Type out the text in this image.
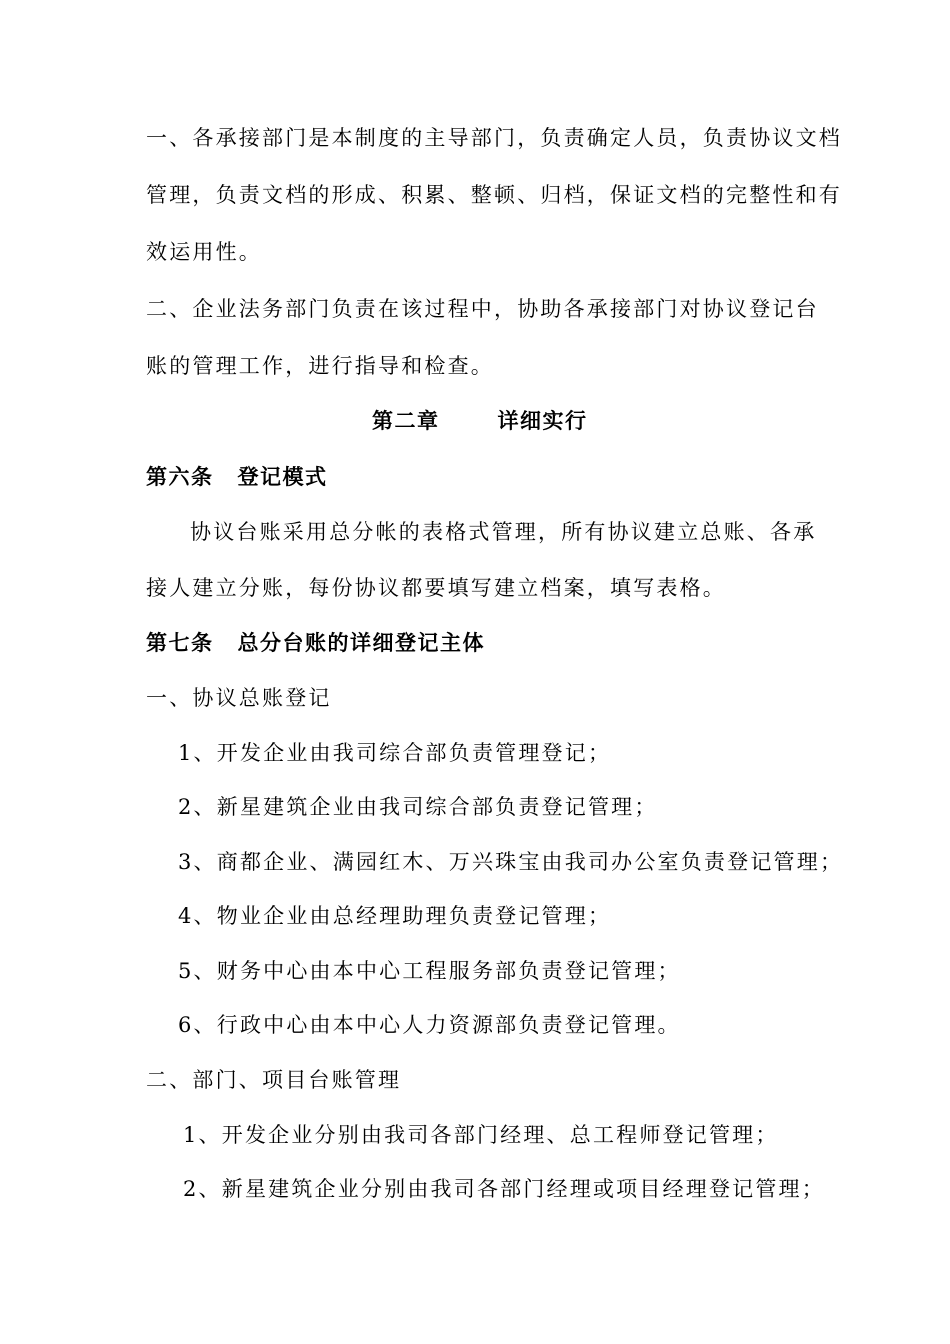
一、各承接部门是本制度的主导部门，负责确定人员，负责协议文档
管理，负责文档的形成、积累、整顿、归档，保证文档的完整性和有
效运用性。
二、企业法务部门负责在该过程中，协助各承接部门对协议登记台
账的管理工作，进行指导和检查。
第二章	详细实行
第六条 登记模式
协议台账采用总分帐的表格式管理，所有协议建立总账、各承
接人建立分账，每份协议都要填写建立档案，填写表格。
第七条 总分台账的详细登记主体
一、协议总账登记
1、开发企业由我司综合部负责管理登记；
2、新星建筑企业由我司综合部负责登记管理；
3、商都企业、满园红木、万兴珠宝由我司办公室负责登记管理；
4、物业企业由总经理助理负责登记管理；
5、财务中心由本中心工程服务部负责登记管理；
6、行政中心由本中心人力资源部负责登记管理。
二、部门、项目台账管理
1、开发企业分别由我司各部门经理、总工程师登记管理；
2、新星建筑企业分别由我司各部门经理或项目经理登记管理；
